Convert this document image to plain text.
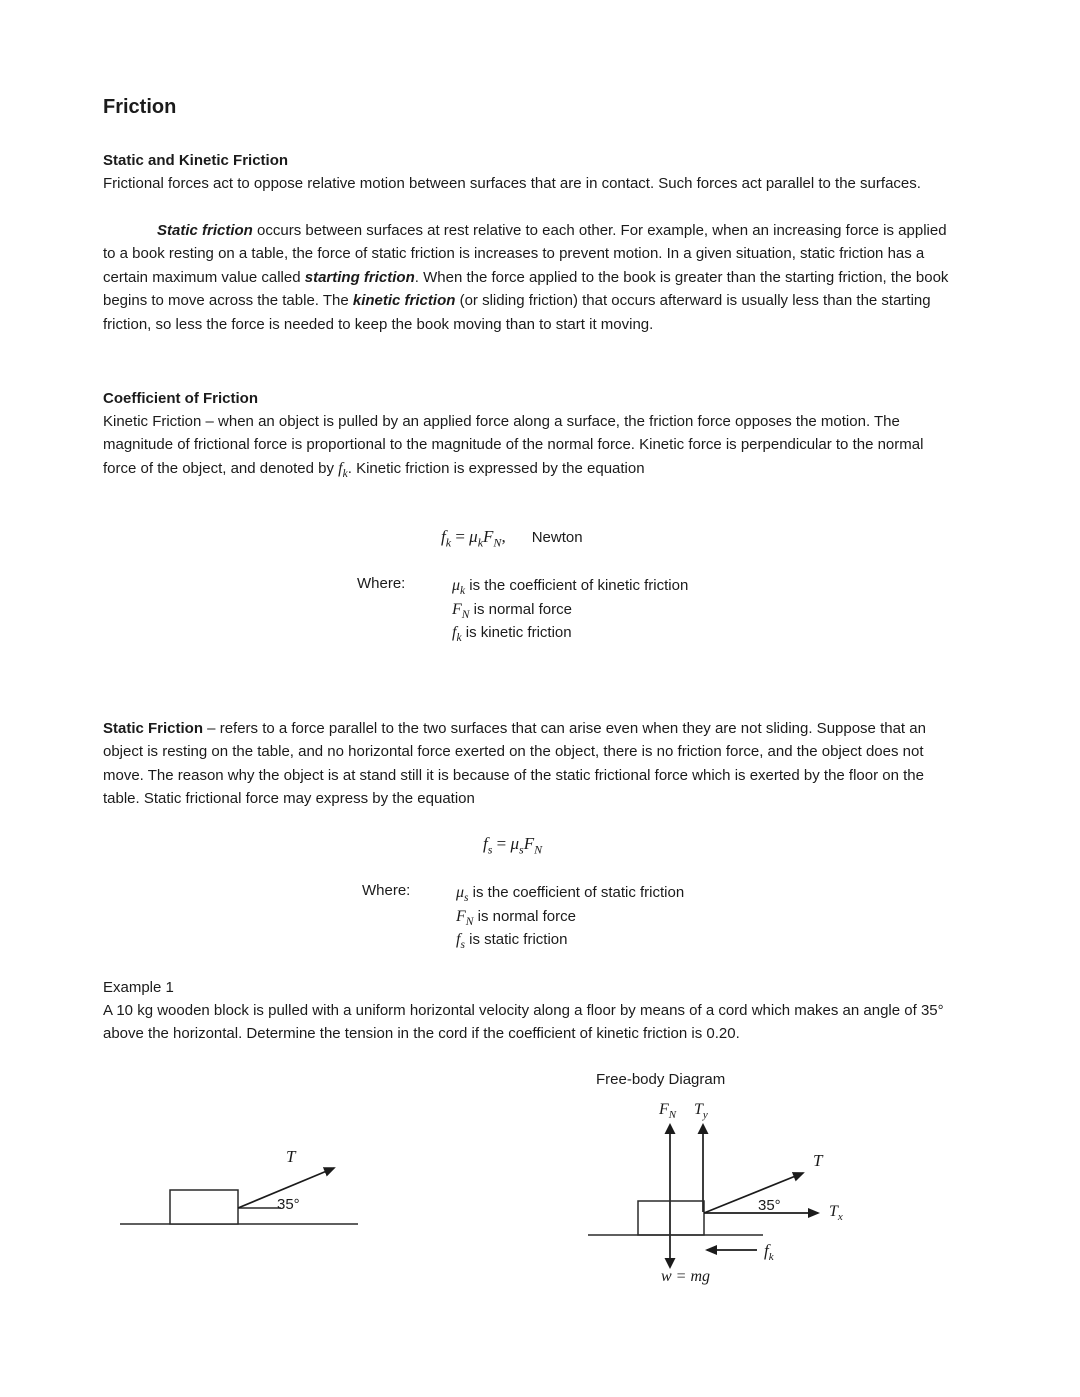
Friction
Static and Kinetic Friction

Frictional forces act to oppose relative motion between surfaces that are in contact. Such forces act parallel to the surfaces.

Static friction occurs between surfaces at rest relative to each other. For example, when an increasing force is applied to a book resting on a table, the force of static friction is increases to prevent motion. In a given situation, static friction has a certain maximum value called starting friction. When the force applied to the book is greater than the starting friction, the book begins to move across the table. The kinetic friction (or sliding friction) that occurs afterward is usually less than the starting friction, so less the force is needed to keep the book moving than to start it moving.

Coefficient of Friction

Kinetic Friction – when an object is pulled by an applied force along a surface, the friction force opposes the motion. The magnitude of frictional force is proportional to the magnitude of the normal force. Kinetic force is perpendicular to the normal force of the object, and denoted by $f_k$. Kinetic friction is expressed by the equation

$f_k = \mu_kF_N$, Newton
Where:	$\mu_k$ is the coefficient of kinetic friction
$F_N$ is normal force
$f_k$ is kinetic friction

Static Friction – refers to a force parallel to the two surfaces that can arise even when they are not sliding. Suppose that an object is resting on the table, and no horizontal force exerted on the object, there is no friction force, and the object does not move. The reason why the object is at stand still it is because of the static frictional force which is exerted by the floor on the table. Static frictional force may express by the equation

$f_s = \mu_sF_N$
Where:	$\mu_s$ is the coefficient of static friction
$F_N$ is normal force
$f_s$ is static friction

Example 1

A 10 kg wooden block is pulled with a uniform horizontal velocity along a floor by means of a cord which makes an angle of 35° above the horizontal. Determine the tension in the cord if the coefficient of kinetic friction is 0.20.

Free-body Diagram
T
35°
$F_N$ $T_y$
T
$T_x$
35°
$f_k$
w = mg
